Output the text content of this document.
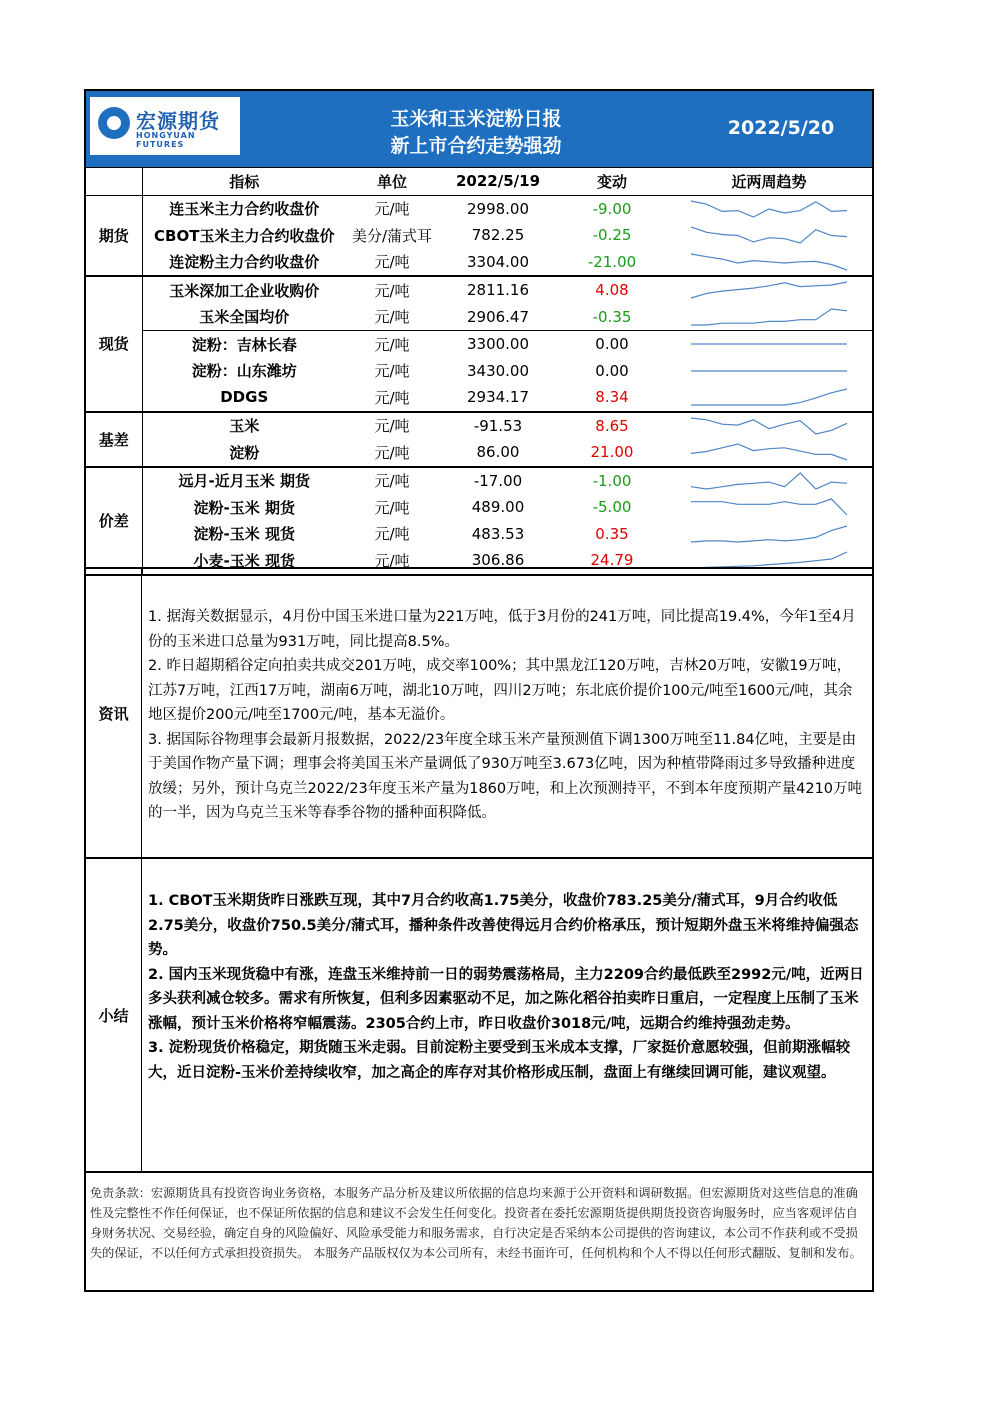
宏源期货
HONGYUAN FUTURES
玉米和玉米淀粉日报
新上市合约走势强劲
2022/5/20
	指标	单位	2022/5/19	变动	近两周趋势
期货	连玉米主力合约收盘价	元/吨	2998.00	-9.00	

	CBOT玉米主力合约收盘价	美分/蒲式耳	782.25	-0.25	

	连淀粉主力合约收盘价	元/吨	3304.00	-21.00	

现货	玉米深加工企业收购价	元/吨	2811.16	4.08	

	玉米全国均价	元/吨	2906.47	-0.35	

	淀粉：吉林长春	元/吨	3300.00	0.00	

	淀粉：山东潍坊	元/吨	3430.00	0.00	

	DDGS	元/吨	2934.17	8.34	

基差	玉米	元/吨	-91.53	8.65	

	淀粉	元/吨	86.00	21.00	

价差	远月-近月玉米 期货	元/吨	-17.00	-1.00	

	淀粉-玉米 期货	元/吨	489.00	-5.00	

	淀粉-玉米 现货	元/吨	483.53	0.35	

	小麦-玉米 现货	元/吨	306.86	24.79	
资讯

1. 据海关数据显示，4月份中国玉米进口量为221万吨，低于3月份的241万吨，同比提高19.4%，今年1至4月份的玉米进口总量为931万吨，同比提高8.5%。

2. 昨日超期稻谷定向拍卖共成交201万吨，成交率100%；其中黑龙江120万吨，吉林20万吨，安徽19万吨，江苏7万吨，江西17万吨，湖南6万吨，湖北10万吨，四川2万吨；东北底价提价100元/吨至1600元/吨，其余地区提价200元/吨至1700元/吨，基本无溢价。

3. 据国际谷物理事会最新月报数据，2022/23年度全球玉米产量预测值下调1300万吨至11.84亿吨，主要是由于美国作物产量下调；理事会将美国玉米产量调低了930万吨至3.673亿吨，因为种植带降雨过多导致播种进度放缓；另外，预计乌克兰2022/23年度玉米产量为1860万吨，和上次预测持平，不到本年度预期产量4210万吨的一半，因为乌克兰玉米等春季谷物的播种面积降低。

小结

1. CBOT玉米期货昨日涨跌互现，其中7月合约收高1.75美分，收盘价783.25美分/蒲式耳，9月合约收低2.75美分，收盘价750.5美分/蒲式耳，播种条件改善使得远月合约价格承压，预计短期外盘玉米将维持偏强态势。

2. 国内玉米现货稳中有涨，连盘玉米维持前一日的弱势震荡格局，主力2209合约最低跌至2992元/吨，近两日多头获利减仓较多。需求有所恢复，但利多因素驱动不足，加之陈化稻谷拍卖昨日重启，一定程度上压制了玉米涨幅，预计玉米价格将窄幅震荡。2305合约上市，昨日收盘价3018元/吨，远期合约维持强劲走势。

3. 淀粉现货价格稳定，期货随玉米走弱。目前淀粉主要受到玉米成本支撑，厂家挺价意愿较强，但前期涨幅较大，近日淀粉-玉米价差持续收窄，加之高企的库存对其价格形成压制，盘面上有继续回调可能，建议观望。

免责条款：宏源期货具有投资咨询业务资格，本服务产品分析及建议所依据的信息均来源于公开资料和调研数据。但宏源期货对这些信息的准确性及完整性不作任何保证，也不保证所依据的信息和建议不会发生任何变化。投资者在委托宏源期货提供期货投资咨询服务时，应当客观评估自身财务状况、交易经验，确定自身的风险偏好、风险承受能力和服务需求，自行决定是否采纳本公司提供的咨询建议，本公司不作获利或不受损失的保证，不以任何方式承担投资损失。 本服务产品版权仅为本公司所有，未经书面许可，任何机构和个人不得以任何形式翻版、复制和发布。
